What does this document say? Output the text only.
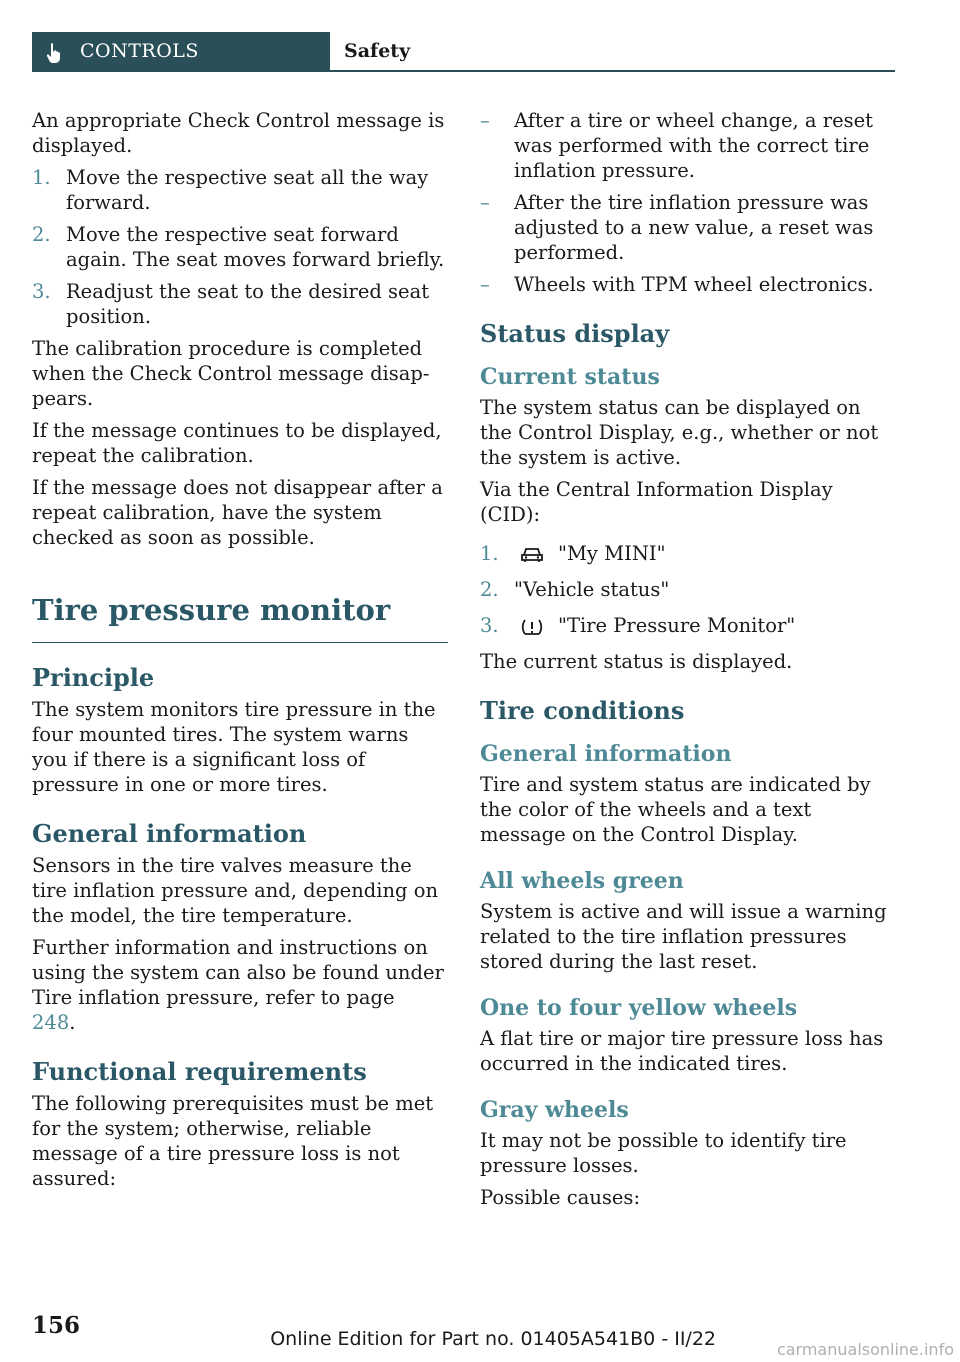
CONTROLS	Safety

An appropriate Check Control message is displayed.

1. Move the respective seat all the way forward.
2. Move the respective seat forward again. The seat moves forward briefly.
3. Readjust the seat to the desired seat position.

The calibration procedure is completed when the Check Control message disappears.

If the message continues to be displayed, repeat the calibration.

If the message does not disappear after a repeat calibration, have the system checked as soon as possible.

Tire pressure monitor
Principle

The system monitors tire pressure in the four mounted tires. The system warns you if there is a significant loss of pressure in one or more tires.

General information

Sensors in the tire valves measure the tire inflation pressure and, depending on the model, the tire temperature.

Further information and instructions on using the system can also be found under Tire inflation pressure, refer to page  248.

Functional requirements

The following prerequisites must be met for the system; otherwise, reliable message of a tire pressure loss is not assured:

– After a tire or wheel change, a reset was performed with the correct tire inflation pressure.
– After the tire inflation pressure was adjusted to a new value, a reset was performed.
– Wheels with TPM wheel electronics.
Status display
Current status

The system status can be displayed on the Control Display, e.g., whether or not the system is active.

Via the Central Information Display (CID):

1.	"My MINI"
2. "Vehicle status"
3.	"Tire Pressure Monitor"

The current status is displayed.

Tire conditions
General information

Tire and system status are indicated by the color of the wheels and a text message on the Control Display.

All wheels green

System is active and will issue a warning related to the tire inflation pressures stored during the last reset.

One to four yellow wheels

A flat tire or major tire pressure loss has occurred in the indicated tires.

Gray wheels

It may not be possible to identify tire pressure losses.

Possible causes:

156	Online Edition for Part no. 01405A541B0 - II/22	carmanualsonline.info
